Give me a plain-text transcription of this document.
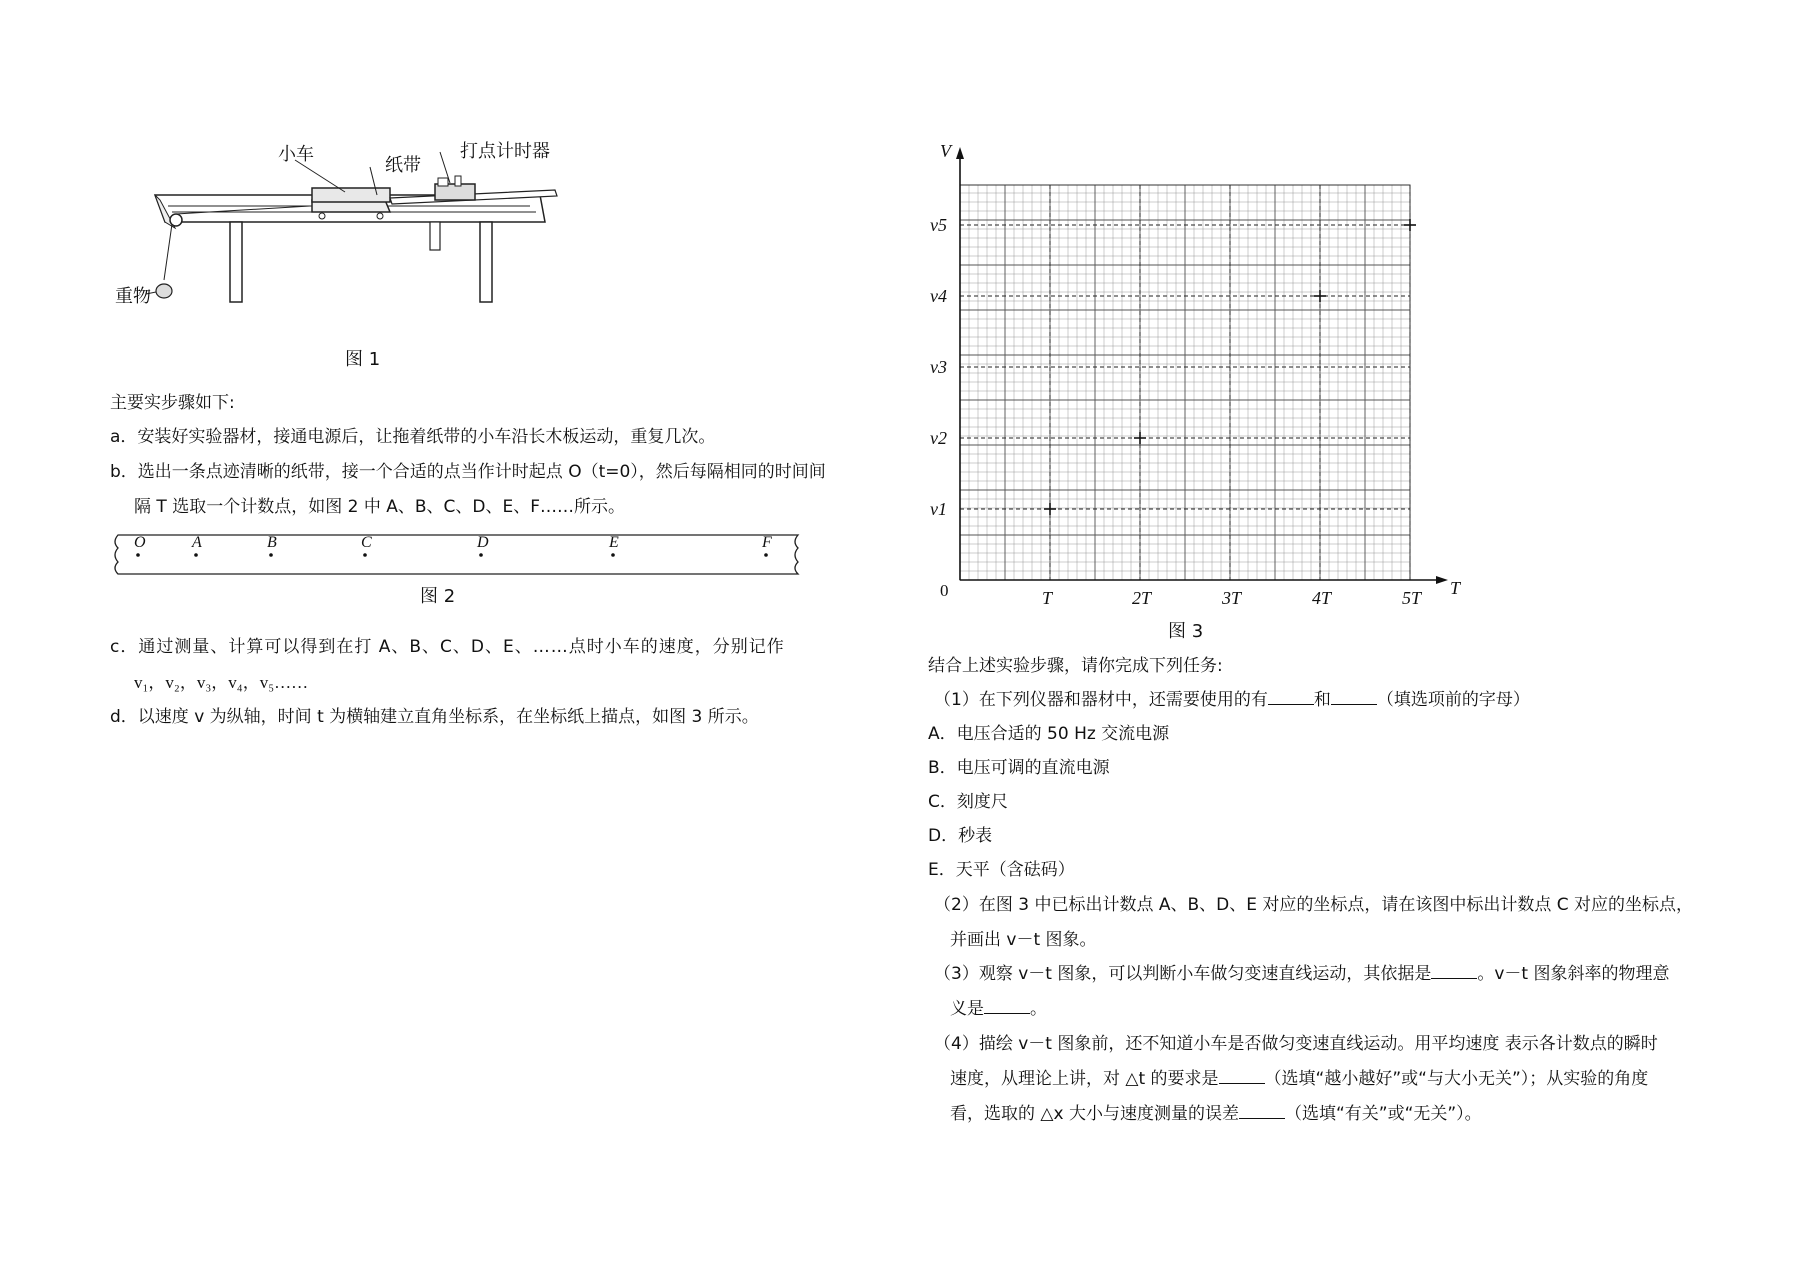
小车
纸带
打点计时器
重物
图 1
主要实步骤如下:
a．安装好实验器材，接通电源后，让拖着纸带的小车沿长木板运动，重复几次。
b．选出一条点迹清晰的纸带，接一个合适的点当作计时起点 O（t=0），然后每隔相同的时间间
隔 T 选取一个计数点，如图 2 中 A、B、C、D、E、F……所示。
O	A	B	C	D	E	F
图 2
c．通过测量、计算可以得到在打 A、B、C、D、E、……点时小车的速度，分别记作
v₁，v₂，v₃，v₄，v₅……
d．以速度 v 为纵轴，时间 t 为横轴建立直角坐标系，在坐标纸上描点，如图 3 所示。
V
T
0	T	2T	3T	4T	5T
v1
v2
v3
v4
v5
图 3
结合上述实验步骤，请你完成下列任务:
（1）在下列仪器和器材中，还需要使用的有	和	（填选项前的字母）
A．电压合适的 50 Hz 交流电源
B．电压可调的直流电源
C．刻度尺
D．秒表
E．天平（含砝码）
（2）在图 3 中已标出计数点 A、B、D、E 对应的坐标点，请在该图中标出计数点 C 对应的坐标点，
并画出 v－t 图象。
（3）观察 v－t 图象，可以判断小车做匀变速直线运动，其依据是	。v－t 图象斜率的物理意
义是	。
（4）描绘 v－t 图象前，还不知道小车是否做匀变速直线运动。用平均速度 表示各计数点的瞬时
速度，从理论上讲，对 △t 的要求是	（选填“越小越好”或“与大小无关”）；从实验的角度
看，选取的 △x 大小与速度测量的误差	（选填“有关”或“无关”）。
